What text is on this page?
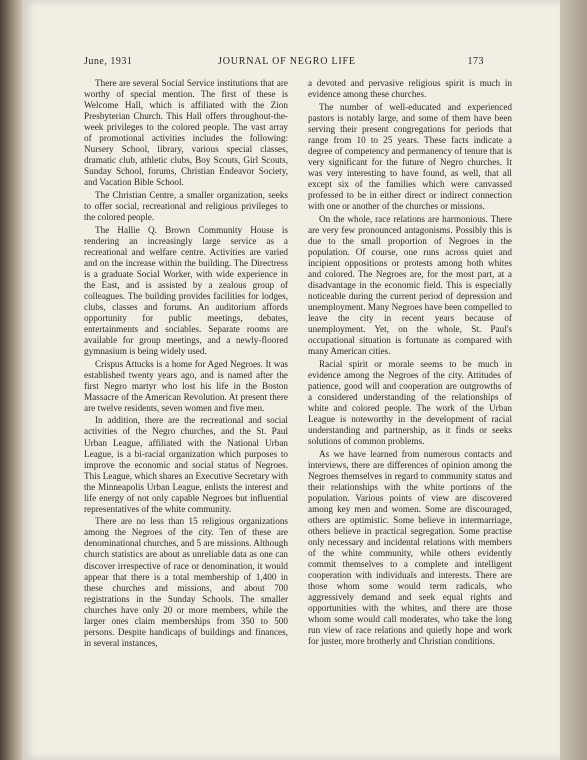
June, 1931	JOURNAL OF NEGRO LIFE	173

There are several Social Service institutions that are worthy of special mention. The first of these is Welcome Hall, which is affiliated with the Zion Presbyterian Church. This Hall offers throughout-the-week privileges to the colored people. The vast array of promotional activities includes the following: Nursery School, library, various special classes, dramatic club, athletic clubs, Boy Scouts, Girl Scouts, Sunday School, forums, Christian Endeavor Society, and Vacation Bible School.

The Christian Centre, a smaller organization, seeks to offer social, recreational and religious privileges to the colored people.

The Hallie Q. Brown Community House is rendering an increasingly large service as a recreational and welfare centre. Activities are varied and on the increase within the building. The Directress is a graduate Social Worker, with wide experience in the East, and is assisted by a zealous group of colleagues. The building provides facilities for lodges, clubs, classes and forums. An auditorium affords opportunity for public meetings, debates, entertainments and sociables. Separate rooms are available for group meetings, and a newly-floored gymnasium is being widely used.

Crispus Attucks is a home for Aged Negroes. It was established twenty years ago, and is named after the first Negro martyr who lost his life in the Boston Massacre of the American Revolution. At present there are twelve residents, seven women and five men.

In addition, there are the recreational and social activities of the Negro churches, and the St. Paul Urban League, affiliated with the National Urban League, is a bi-racial organization which purposes to improve the economic and social status of Negroes. This League, which shares an Executive Secretary with the Minneapolis Urban League, enlists the interest and life energy of not only capable Negroes but influential representatives of the white community.

There are no less than 15 religious organizations among the Negroes of the city. Ten of these are denominational churches, and 5 are missions. Although church statistics are about as unreliable data as one can discover irrespective of race or denomination, it would appear that there is a total membership of 1,400 in these churches and missions, and about 700 registrations in the Sunday Schools. The smaller churches have only 20 or more members, while the larger ones claim memberships from 350 to 500 persons. Despite handicaps of buildings and finances, in several instances,

a devoted and pervasive religious spirit is much in evidence among these churches.

The number of well-educated and experienced pastors is notably large, and some of them have been serving their present congregations for periods that range from 10 to 25 years. These facts indicate a degree of competency and permanency of tenure that is very significant for the future of Negro churches. It was very interesting to have found, as well, that all except six of the families which were canvassed professed to be in either direct or indirect connection with one or another of the churches or missions.

On the whole, race relations are harmonious. There are very few pronounced antagonisms. Possibly this is due to the small proportion of Negroes in the population. Of course, one runs across quiet and incipient oppositions or protests among both whites and colored. The Negroes are, for the most part, at a disadvantage in the economic field. This is especially noticeable during the current period of depression and unemployment. Many Negroes have been compelled to leave the city in recent years because of unemployment. Yet, on the whole, St. Paul's occupational situation is fortunate as compared with many American cities.

Racial spirit or morale seems to be much in evidence among the Negroes of the city. Attitudes of patience, good will and cooperation are outgrowths of a considered understanding of the relationships of white and colored people. The work of the Urban League is noteworthy in the development of racial understanding and partnership, as it finds or seeks solutions of common problems.

As we have learned from numerous contacts and interviews, there are differences of opinion among the Negroes themselves in regard to community status and their relationships with the white portions of the population. Various points of view are discovered among key men and women. Some are discouraged, others are optimistic. Some believe in intermarriage, others believe in practical segregation. Some practise only necessary and incidental relations with members of the white community, while others evidently commit themselves to a complete and intelligent cooperation with individuals and interests. There are those whom some would term radicals, who aggressively demand and seek equal rights and opportunities with the whites, and there are those whom some would call moderates, who take the long run view of race relations and quietly hope and work for juster, more brotherly and Christian conditions.
